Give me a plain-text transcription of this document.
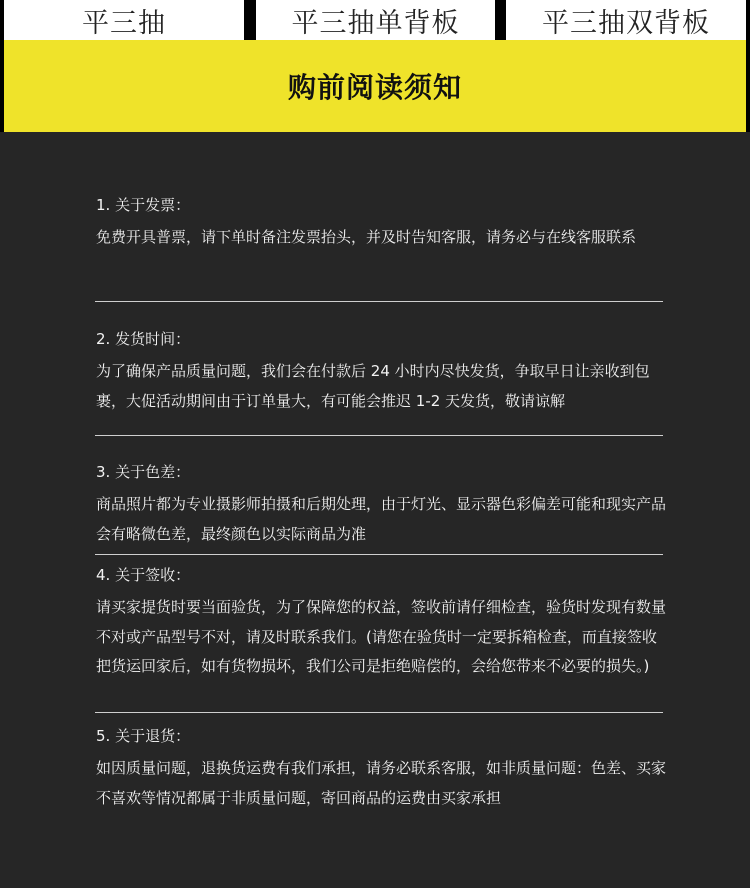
平三抽	平三抽单背板	平三抽双背板
购前阅读须知
1. 关于发票：
免费开具普票，请下单时备注发票抬头，并及时告知客服，请务必与在线客服联系
2. 发货时间：
为了确保产品质量问题，我们会在付款后 24 小时内尽快发货，争取早日让亲收到包裹，大促活动期间由于订单量大，有可能会推迟 1-2 天发货，敬请谅解
3. 关于色差：
商品照片都为专业摄影师拍摄和后期处理，由于灯光、显示器色彩偏差可能和现实产品会有略微色差，最终颜色以实际商品为准
4. 关于签收：
请买家提货时要当面验货，为了保障您的权益，签收前请仔细检查，验货时发现有数量不对或产品型号不对，请及时联系我们。(请您在验货时一定要拆箱检查，而直接签收把货运回家后，如有货物损坏，我们公司是拒绝赔偿的，会给您带来不必要的损失。)
5. 关于退货：
如因质量问题，退换货运费有我们承担，请务必联系客服，如非质量问题：色差、买家不喜欢等情况都属于非质量问题，寄回商品的运费由买家承担
